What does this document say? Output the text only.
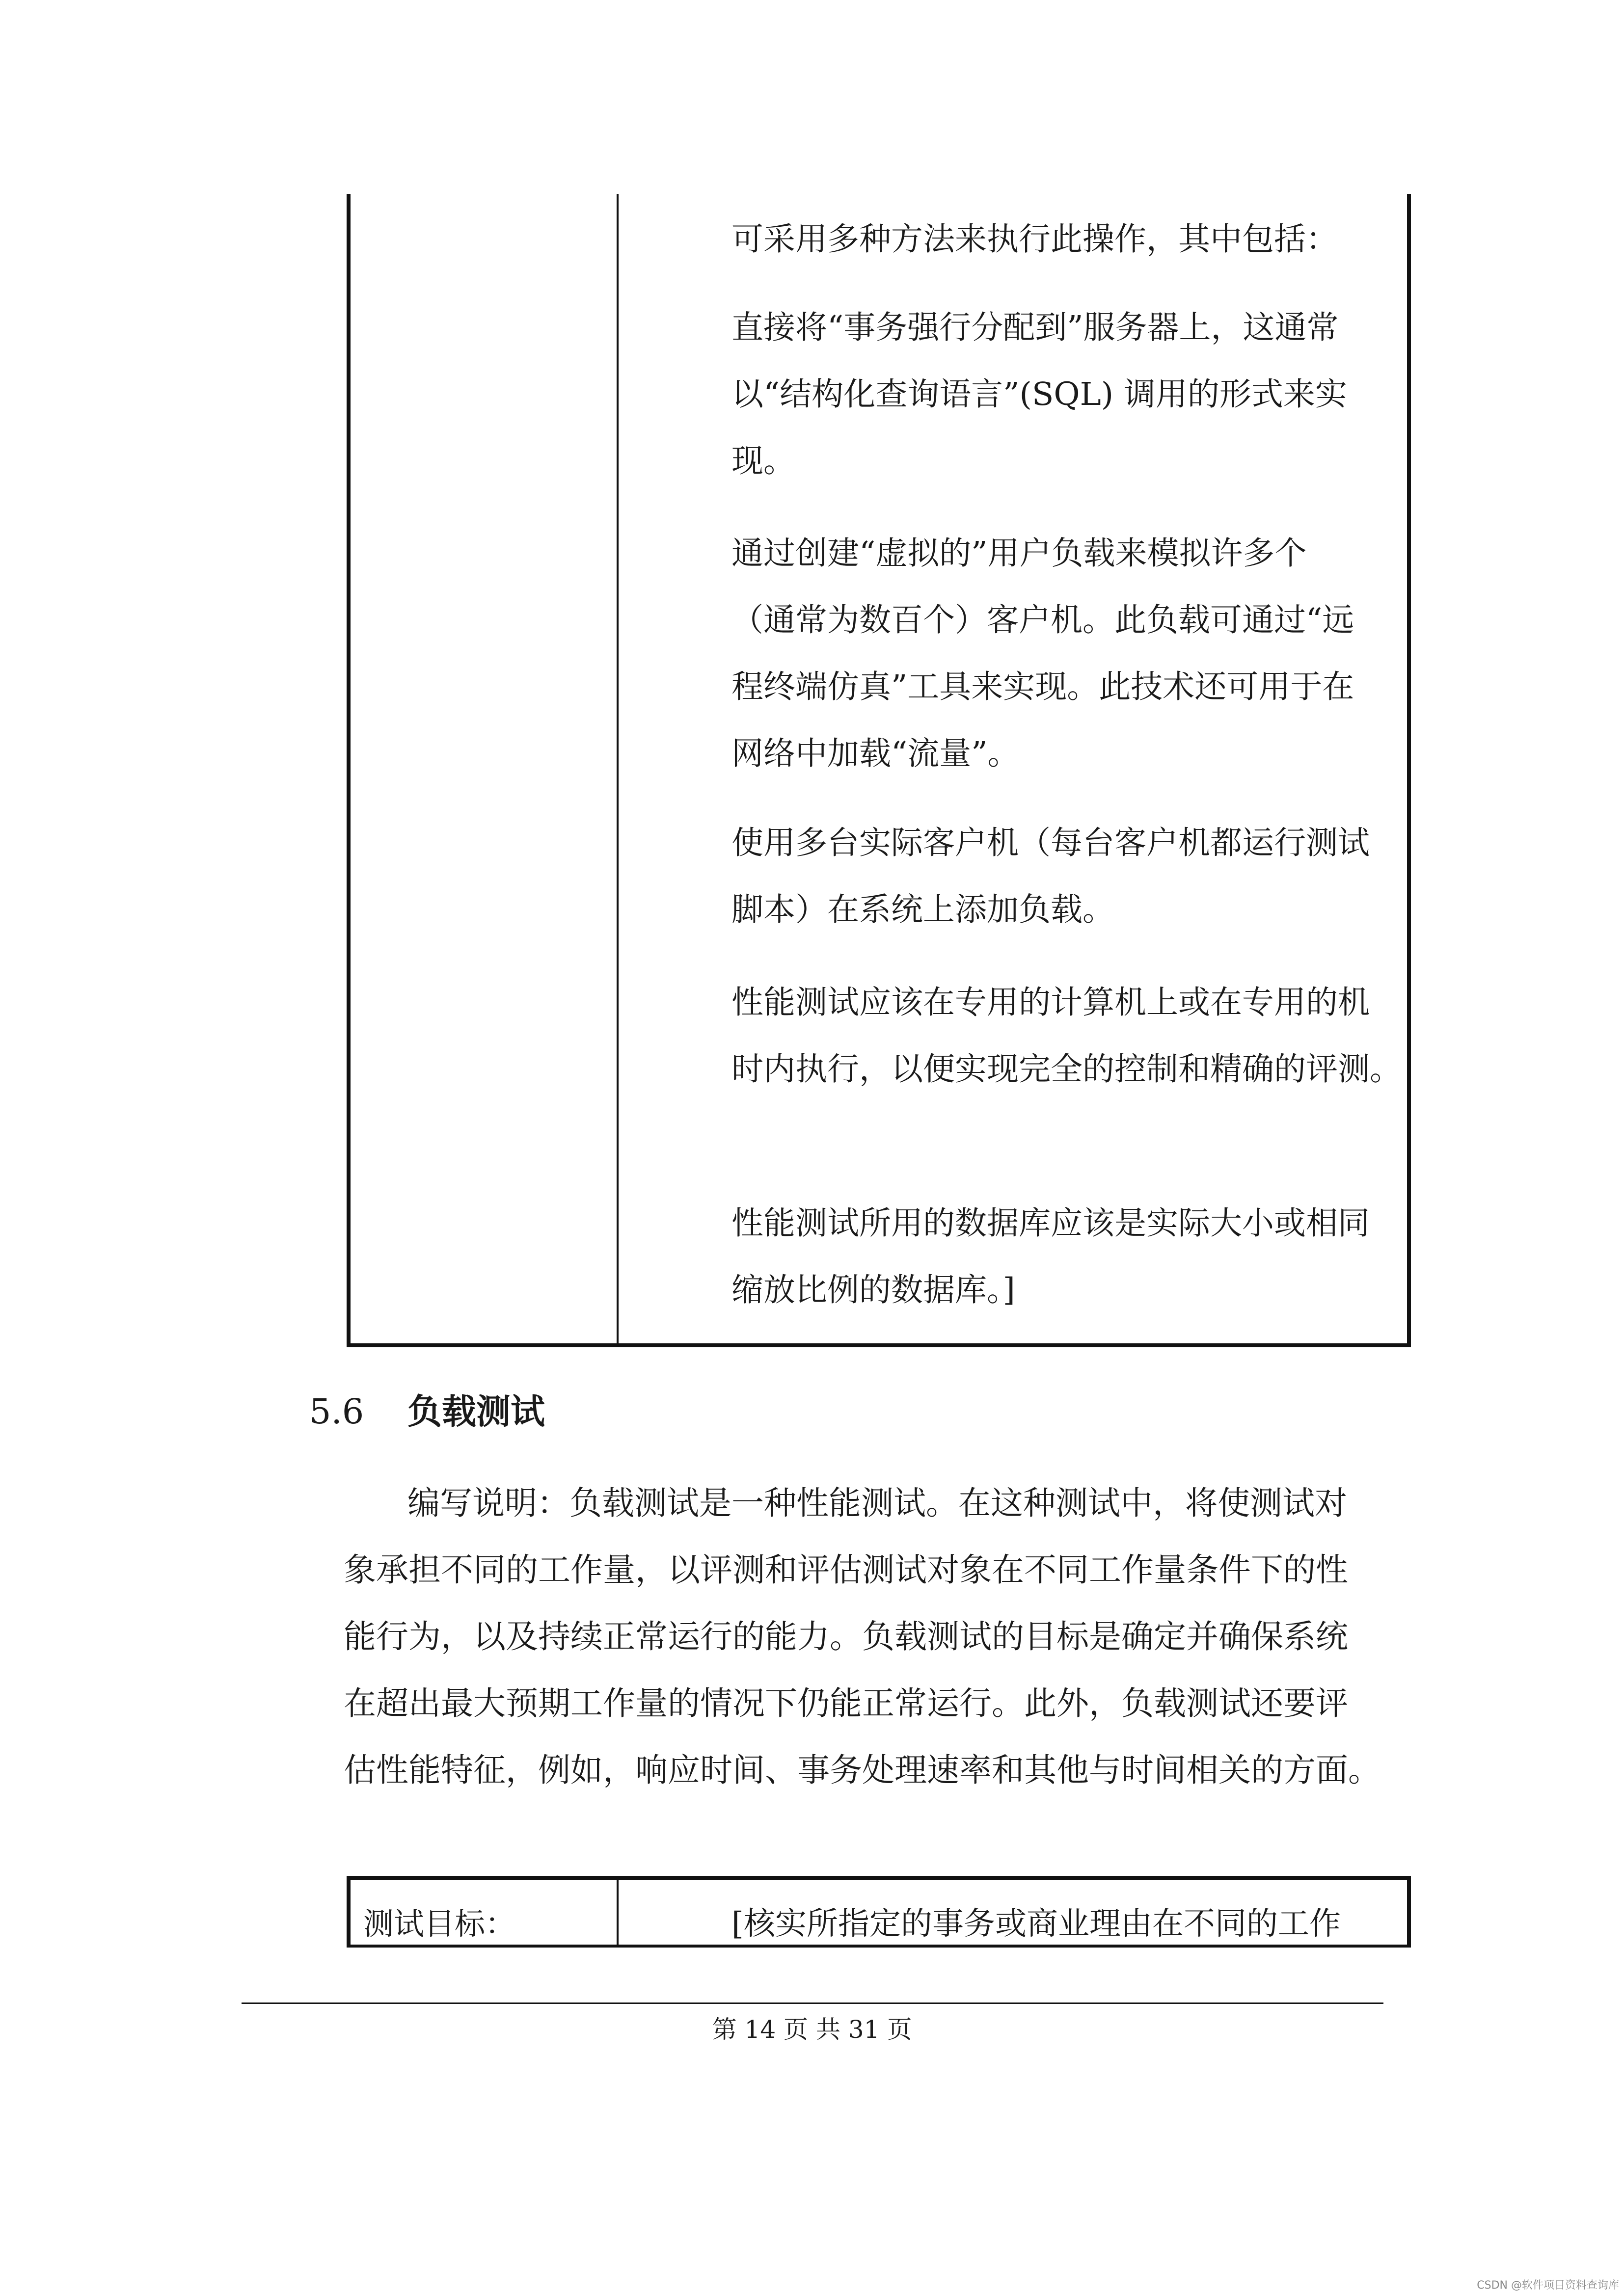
可采用多种方法来执行此操作，其中包括：

直接将“事务强行分配到”服务器上，这通常

以“结构化查询语言”(SQL) 调用的形式来实

现。

通过创建“虚拟的”用户负载来模拟许多个

（通常为数百个）客户机。此负载可通过“远

程终端仿真”工具来实现。此技术还可用于在

网络中加载“流量”。

使用多台实际客户机（每台客户机都运行测试

脚本）在系统上添加负载。

性能测试应该在专用的计算机上或在专用的机

时内执行，以便实现完全的控制和精确的评测。

性能测试所用的数据库应该是实际大小或相同

缩放比例的数据库。]

5.6 负载测试

编写说明：负载测试是一种性能测试。在这种测试中，将使测试对

象承担不同的工作量，以评测和评估测试对象在不同工作量条件下的性

能行为，以及持续正常运行的能力。负载测试的目标是确定并确保系统

在超出最大预期工作量的情况下仍能正常运行。此外，负载测试还要评

估性能特征，例如，响应时间、事务处理速率和其他与时间相关的方面。

测试目标：	[核实所指定的事务或商业理由在不同的工作
第 14 页 共 31 页
CSDN @软件项目资料查询库
